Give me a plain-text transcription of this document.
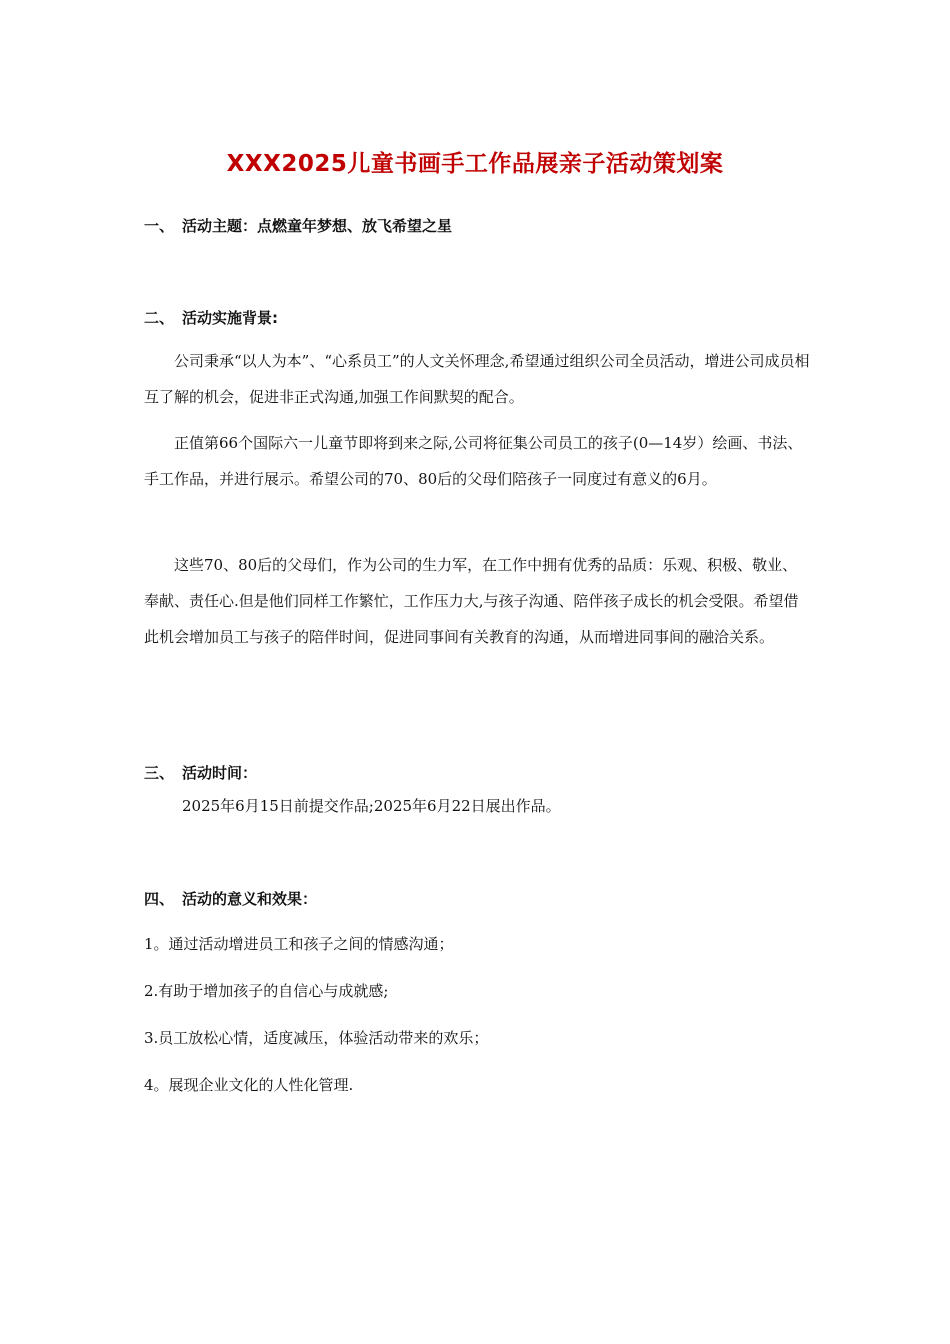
XXX2025儿童书画手工作品展亲子活动策划案
一、 活动主题：点燃童年梦想、放飞希望之星
二、 活动实施背景:

公司秉承“以人为本”、“心系员工”的人文关怀理念,希望通过组织公司全员活动，增进公司成员相互了解的机会，促进非正式沟通,加强工作间默契的配合。

正值第66个国际六一儿童节即将到来之际,公司将征集公司员工的孩子(0—14岁）绘画、书法、手工作品，并进行展示。希望公司的70、80后的父母们陪孩子一同度过有意义的6月。

这些70、80后的父母们，作为公司的生力军，在工作中拥有优秀的品质：乐观、积极、敬业、奉献、责任心.但是他们同样工作繁忙，工作压力大,与孩子沟通、陪伴孩子成长的机会受限。希望借此机会增加员工与孩子的陪伴时间，促进同事间有关教育的沟通，从而增进同事间的融洽关系。

三、 活动时间：
2025年6月15日前提交作品;2025年6月22日展出作品。
四、 活动的意义和效果：
1。通过活动增进员工和孩子之间的情感沟通；
2.有助于增加孩子的自信心与成就感;
3.员工放松心情，适度减压，体验活动带来的欢乐；
4。展现企业文化的人性化管理.
